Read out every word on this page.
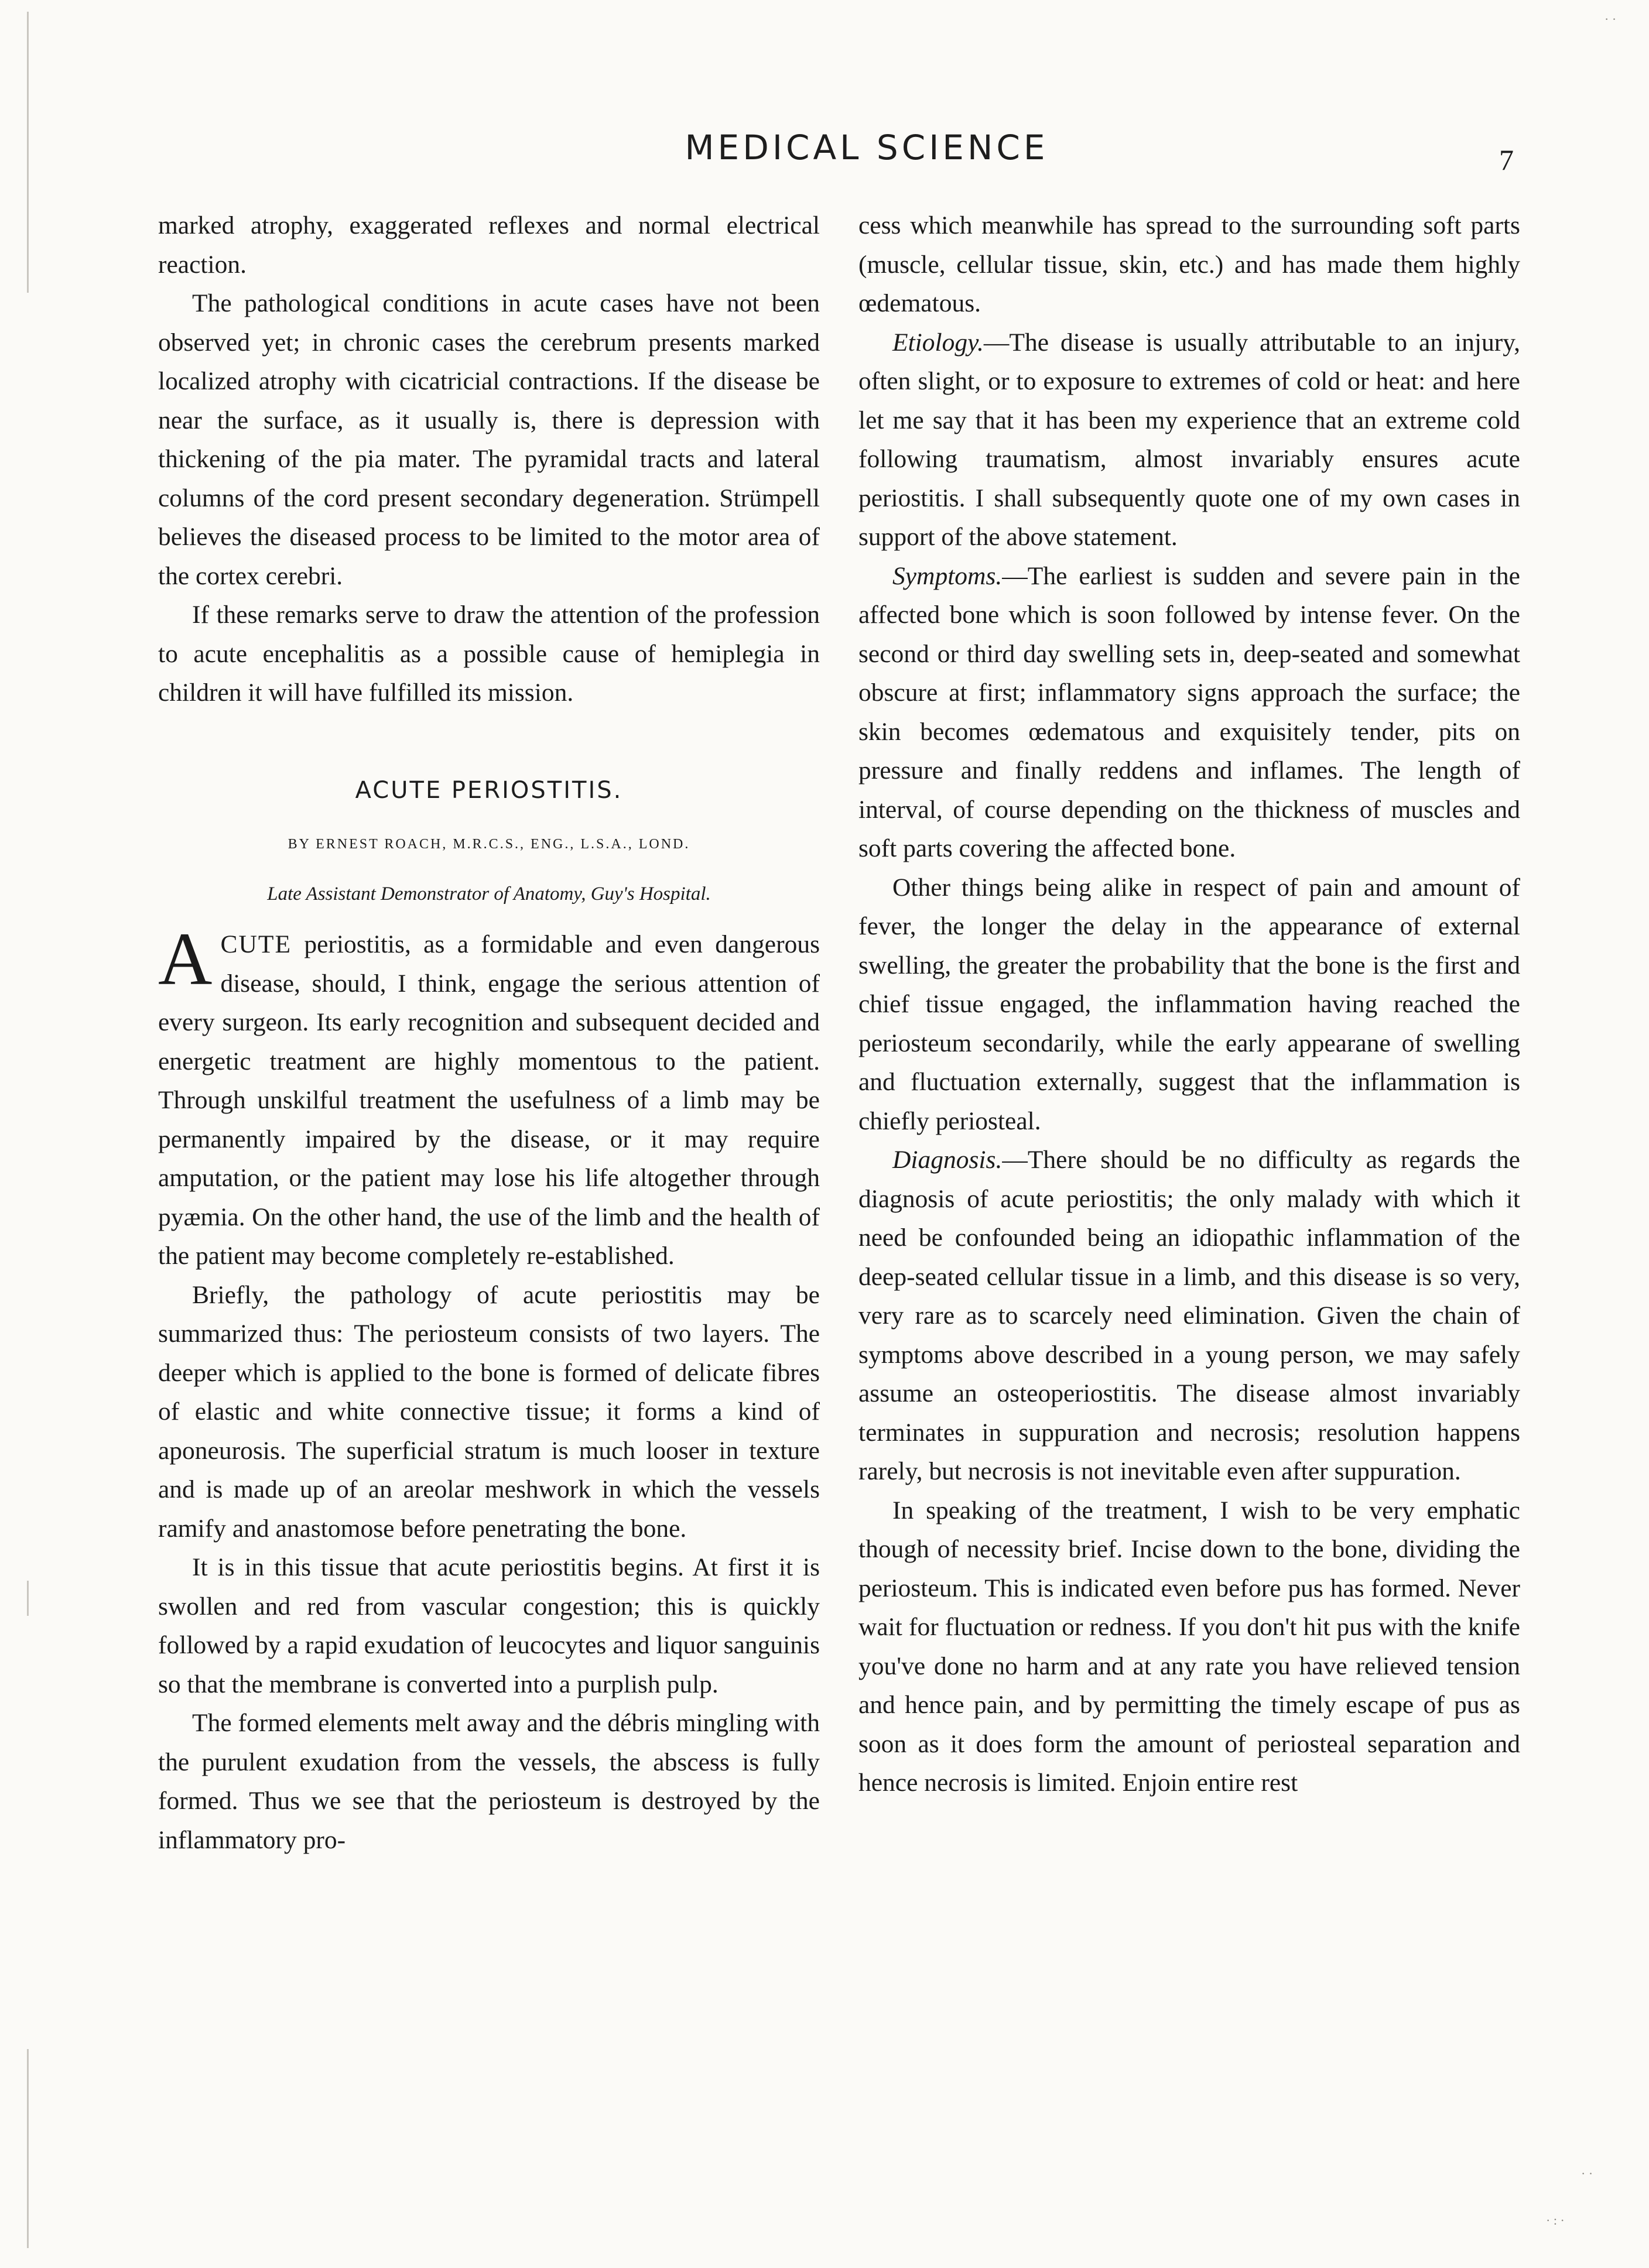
· ·
· ·
· : ·
MEDICAL SCIENCE	7

marked atrophy, exaggerated reflexes and normal electrical reaction.

The pathological conditions in acute cases have not been observed yet; in chronic cases the cerebrum presents marked localized atrophy with cicatricial contractions. If the disease be near the surface, as it usually is, there is depression with thickening of the pia mater. The pyramidal tracts and lateral columns of the cord present secondary degeneration. Strümpell believes the diseased process to be limited to the motor area of the cortex cerebri.

If these remarks serve to draw the attention of the profession to acute encephalitis as a possible cause of hemiplegia in children it will have fulfilled its mission.

ACUTE PERIOSTITIS.
BY ERNEST ROACH, M.R.C.S., ENG., L.S.A., LOND.
Late Assistant Demonstrator of Anatomy, Guy's Hospital.

ACUTE periostitis, as a formidable and even dangerous disease, should, I think, engage the serious attention of every surgeon. Its early recognition and subsequent decided and energetic treatment are highly momentous to the patient. Through unskilful treatment the usefulness of a limb may be permanently impaired by the disease, or it may require amputation, or the patient may lose his life altogether through pyæmia. On the other hand, the use of the limb and the health of the patient may become completely re-established.

Briefly, the pathology of acute periostitis may be summarized thus: The periosteum consists of two layers. The deeper which is applied to the bone is formed of delicate fibres of elastic and white connective tissue; it forms a kind of aponeurosis. The superficial stratum is much looser in texture and is made up of an areolar meshwork in which the vessels ramify and anastomose before penetrating the bone.

It is in this tissue that acute periostitis begins. At first it is swollen and red from vascular congestion; this is quickly followed by a rapid exudation of leucocytes and liquor sanguinis so that the membrane is converted into a purplish pulp.

The formed elements melt away and the débris mingling with the purulent exudation from the vessels, the abscess is fully formed. Thus we see that the periosteum is destroyed by the inflammatory pro-

cess which meanwhile has spread to the surrounding soft parts (muscle, cellular tissue, skin, etc.) and has made them highly œdematous.

Etiology.—The disease is usually attributable to an injury, often slight, or to exposure to extremes of cold or heat: and here let me say that it has been my experience that an extreme cold following traumatism, almost invariably ensures acute periostitis. I shall subsequently quote one of my own cases in support of the above statement.

Symptoms.—The earliest is sudden and severe pain in the affected bone which is soon followed by intense fever. On the second or third day swelling sets in, deep-seated and somewhat obscure at first; inflammatory signs approach the surface; the skin becomes œdematous and exquisitely tender, pits on pressure and finally reddens and inflames. The length of interval, of course depending on the thickness of muscles and soft parts covering the affected bone.

Other things being alike in respect of pain and amount of fever, the longer the delay in the appearance of external swelling, the greater the probability that the bone is the first and chief tissue engaged, the inflammation having reached the periosteum secondarily, while the early appearane of swelling and fluctuation externally, suggest that the inflammation is chiefly periosteal.

Diagnosis.—There should be no difficulty as regards the diagnosis of acute periostitis; the only malady with which it need be confounded being an idiopathic inflammation of the deep-seated cellular tissue in a limb, and this disease is so very, very rare as to scarcely need elimination. Given the chain of symptoms above described in a young person, we may safely assume an osteoperiostitis. The disease almost invariably terminates in suppuration and necrosis; resolution happens rarely, but necrosis is not inevitable even after suppuration.

In speaking of the treatment, I wish to be very emphatic though of necessity brief. Incise down to the bone, dividing the periosteum. This is indicated even before pus has formed. Never wait for fluctuation or redness. If you don't hit pus with the knife you've done no harm and at any rate you have relieved tension and hence pain, and by permitting the timely escape of pus as soon as it does form the amount of periosteal separation and hence necrosis is limited. Enjoin entire rest
